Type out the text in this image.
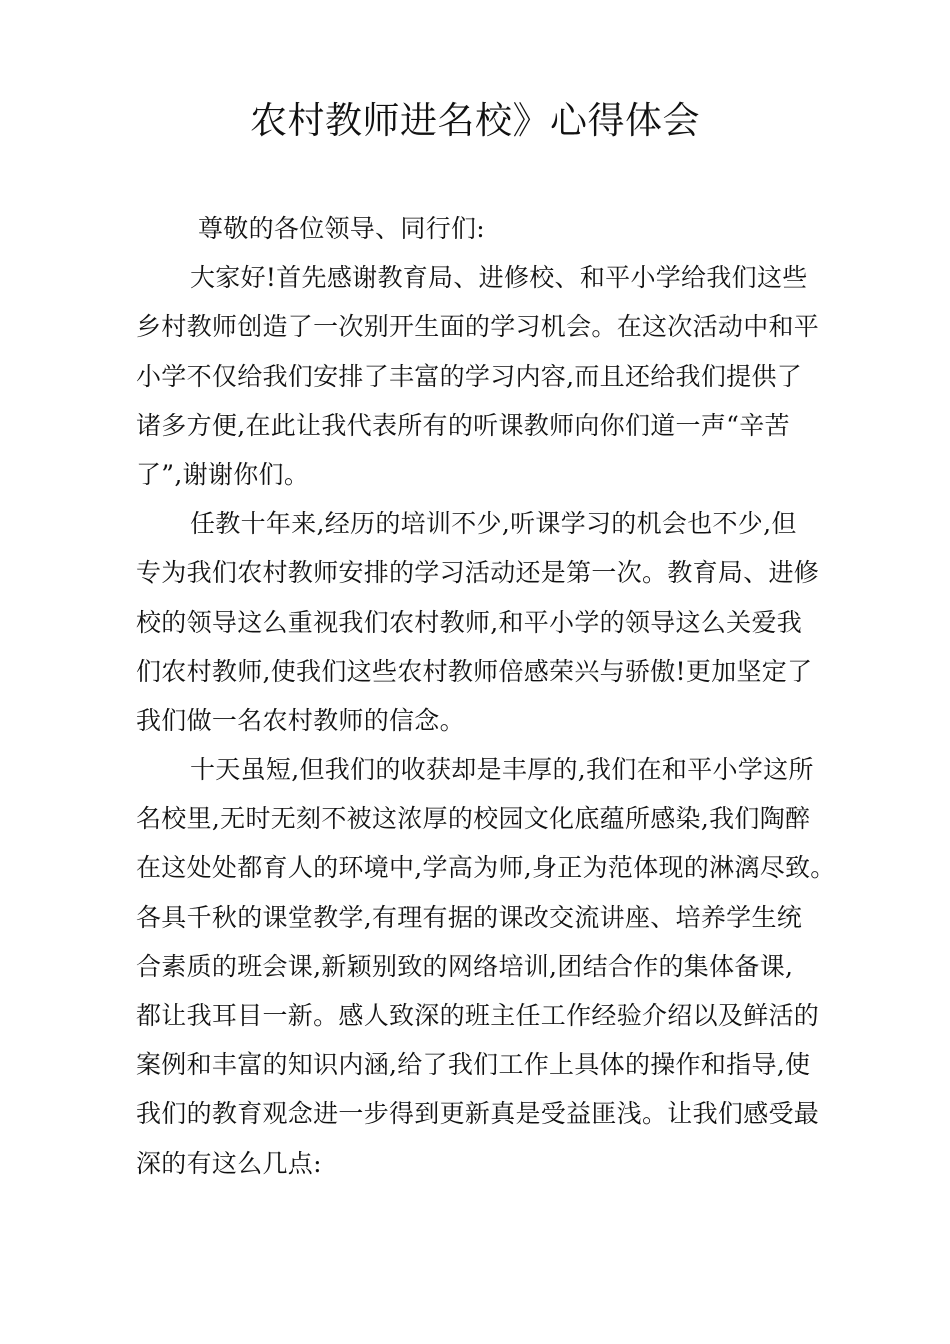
农村教师进名校》心得体会
尊敬的各位领导、同行们:
大家好!首先感谢教育局、进修校、和平小学给我们这些
乡村教师创造了一次别开生面的学习机会。在这次活动中和平
小学不仅给我们安排了丰富的学习内容,而且还给我们提供了
诸多方便,在此让我代表所有的听课教师向你们道一声“辛苦
了”,谢谢你们。
任教十年来,经历的培训不少,听课学习的机会也不少,但
专为我们农村教师安排的学习活动还是第一次。教育局、进修
校的领导这么重视我们农村教师,和平小学的领导这么关爱我
们农村教师,使我们这些农村教师倍感荣兴与骄傲!更加坚定了
我们做一名农村教师的信念。
十天虽短,但我们的收获却是丰厚的,我们在和平小学这所
名校里,无时无刻不被这浓厚的校园文化底蕴所感染,我们陶醉
在这处处都育人的环境中,学高为师,身正为范体现的淋漓尽致。
各具千秋的课堂教学,有理有据的课改交流讲座、培养学生统
合素质的班会课,新颖别致的网络培训,团结合作的集体备课,
都让我耳目一新。感人致深的班主任工作经验介绍以及鲜活的
案例和丰富的知识内涵,给了我们工作上具体的操作和指导,使
我们的教育观念进一步得到更新真是受益匪浅。让我们感受最
深的有这么几点:
